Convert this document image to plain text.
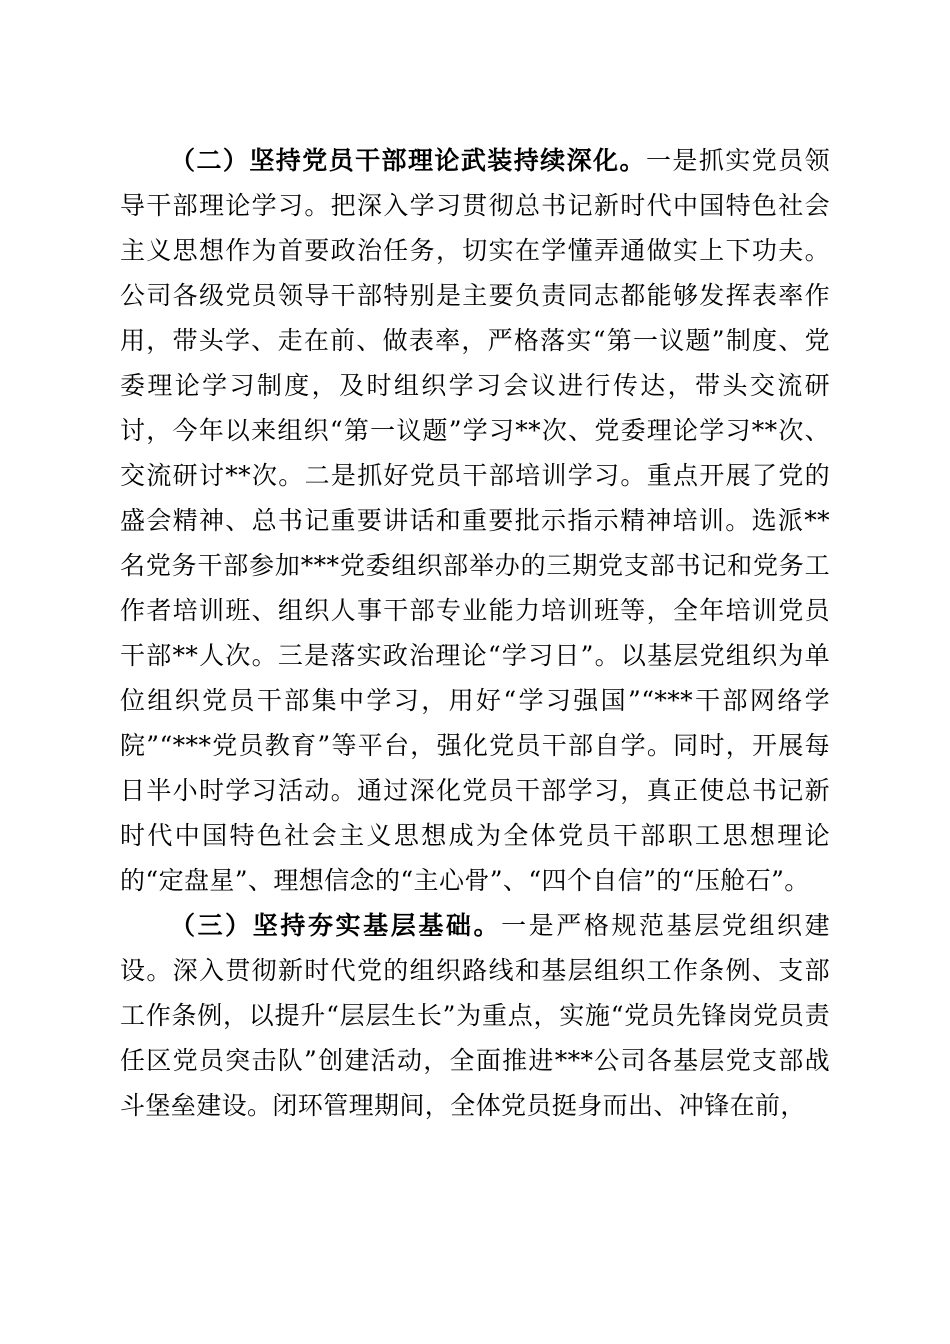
（二）坚持党员干部理论武装持续深化。一是抓实党员领导干部理论学习。把深入学习贯彻总书记新时代中国特色社会主义思想作为首要政治任务，切实在学懂弄通做实上下功夫。公司各级党员领导干部特别是主要负责同志都能够发挥表率作用，带头学、走在前、做表率，严格落实“第一议题”制度、党委理论学习制度，及时组织学习会议进行传达，带头交流研讨，今年以来组织“第一议题”学习**次、党委理论学习**次、交流研讨**次。二是抓好党员干部培训学习。重点开展了党的盛会精神、总书记重要讲话和重要批示指示精神培训。选派**名党务干部参加***党委组织部举办的三期党支部书记和党务工作者培训班、组织人事干部专业能力培训班等，全年培训党员干部**人次。三是落实政治理论“学习日”。以基层党组织为单位组织党员干部集中学习，用好“学习强国”“***干部网络学院”“***党员教育”等平台，强化党员干部自学。同时，开展每日半小时学习活动。通过深化党员干部学习，真正使总书记新时代中国特色社会主义思想成为全体党员干部职工思想理论的“定盘星”、理想信念的“主心骨”、“四个自信”的“压舱石”。

（三）坚持夯实基层基础。一是严格规范基层党组织建设。深入贯彻新时代党的组织路线和基层组织工作条例、支部工作条例，以提升“层层生长”为重点，实施“党员先锋岗党员责任区党员突击队”创建活动，全面推进***公司各基层党支部战斗堡垒建设。闭环管理期间，全体党员挺身而出、冲锋在前，
